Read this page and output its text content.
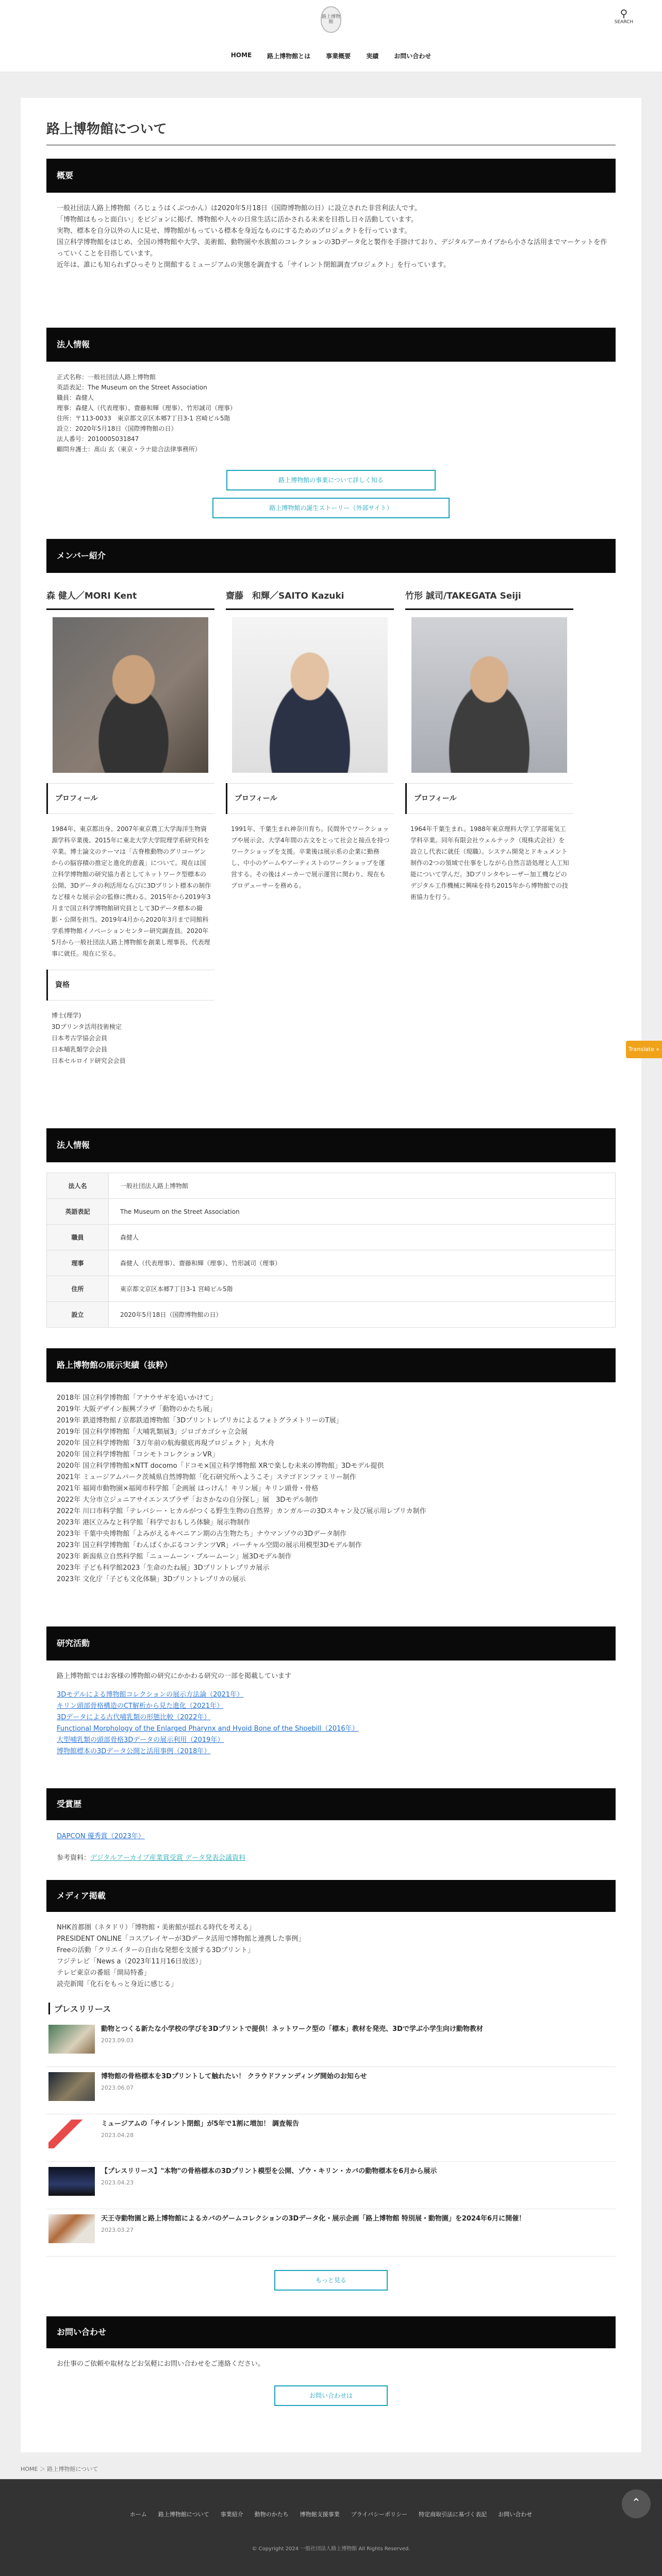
路上博物館
⚲
SEARCH
HOME	路上博物館とは	事業概要	実績	お問い合わせ
Translate »
路上博物館について
概要

一般社団法人路上博物館（ろじょうはくぶつかん）は2020年5月18日（国際博物館の日）に設立された非営利法人です。

「博物館はもっと面白い」をビジョンに掲げ、博物館や人々の日常生活に活かされる未来を目指し日々活動しています。

実物、標本を自分以外の人に見せ、博物館がもっている標本を身近なものにするためのプロジェクトを行っています。

国立科学博物館をはじめ、全国の博物館や大学、美術館、動物園や水族館のコレクションの3Dデータ化と製作を手掛けており、デジタルアーカイブから小さな活用までマーケットを作っていくことを目指しています。

近年は、誰にも知られずひっそりと開館するミュージアムの実態を調査する「サイレント閉館調査プロジェクト」を行っています。

法人情報
正式名称：一般社団法人路上博物館
英語表記：The Museum on the Street Association
職員：森健人
理事：森健人（代表理事）、齋藤和輝（理事）、竹形誠司（理事）
住所：〒113-0033　東京都文京区本郷7丁目3-1 宮崎ビル5階
設立：2020年5月18日（国際博物館の日）
法人番号：2010005031847
顧問弁護士：髙山 玄（東京・ラナ総合法律事務所）
路上博物館の事業について詳しく知る
路上博物館の誕生ストーリー（外部サイト）
メンバー紹介
森 健人／MORI Kent
プロフィール

1984年、東京都出身。2007年東京農工大学海洋生物資源学科卒業後、2015年に東北大学大学院理学系研究科を卒業。博士論文のテーマは「古脊椎動物のグリコーゲンからの脳容積の推定と進化的意義」について。現在は国立科学博物館の研究協力者としてネットワーク型標本の公開、3Dデータの利活用ならびに3Dプリント標本の制作など様々な展示会の監修に携わる。2015年から2019年3月まで国立科学博物館研究員として3Dデータ標本の撮影・公開を担当。2019年4月から2020年3月まで同館科学系博物館イノベーションセンター研究調査員。2020年5月から一般社団法人路上博物館を創業し理事長、代表理事に就任。現在に至る。

資格
博士(理学)
3Dプリンタ活用技術検定
日本考古学協会会員
日本哺乳類学会会員
日本セルロイド研究会会員
齋藤　和輝／SAITO Kazuki
プロフィール

1991年、千葉生まれ神奈川育ち。民間外でワークショップや展示会、大学4年間の古文をとって社会と接点を持つワークショップを支援。卒業後は展示系の企業に勤務し、中小のゲームやアーティストのワークショップを運営する。その後はメーカーで展示運営に関わり、現在もプロデューサーを務める。

竹形 誠司/TAKEGATA Seiji
プロフィール

1964年千葉生まれ。1988年東京理科大学工学部電気工学科卒業。同年有限会社ウェルテック（現株式会社）を設立し代表に就任（現職）。システム開発とドキュメント制作の2つの領域で仕事をしながら自然言語処理と人工知能について学んだ。3Dプリンタやレーザー加工機などのデジタル工作機械に興味を持ち2015年から博物館での技術協力を行う。

法人情報
法人名	一般社団法人路上博物館
英語表記	The Museum on the Street Association
職員	森健人
理事	森健人（代表理事）、齋藤和輝（理事）、竹形誠司（理事）
住所	東京都文京区本郷7丁目3-1 宮崎ビル5階
設立	2020年5月18日（国際博物館の日）
路上博物館の展示実績（抜粋）
2018年 国立科学博物館「アナウサギを追いかけて」
2019年 大阪デザイン振興プラザ「動物のかたち展」
2019年 鉄道博物館 / 京都鉄道博物館「3DプリントレプリカによるフォトグラメトリーのT展」
2019年 国立科学博物館「大哺乳類展3」ジロゴカゴシャ立会展
2020年 国立科学博物館「3万年前の航海徹底再現プロジェクト」丸木舟
2020年 国立科学博物館「コシモトコレクションVR」
2020年 国立科学博物館×NTT docomo「ドコモ×国立科学博物館 XRで楽しむ未来の博物館」3Dモデル提供
2021年 ミュージアムパーク茨城県自然博物館「化石研究所へようこそ」ステゴドンファミリー制作
2021年 福岡市動物園×福岡市科学館「企画展 はっけん！キリン展」キリン頭骨・骨格
2022年 大分市立ジュニアサイエンスプラザ「おさかなの自分探し」展　3Dモデル制作
2022年 川口市科学館「テレパシー・ヒカルがつくる野生生物の自然界」カンガルーの3Dスキャン及び展示用レプリカ制作
2023年 港区立みなと科学館「科学でおもしろ体験」展示物制作
2023年 千葉中央博物館「よみがえるキベニアン期の古生物たち」ナウマンゾウの3Dデータ制作
2023年 国立科学博物館「わんぱくかぶるコンテンツVR」バーチャル空間の展示用模型3Dモデル制作
2023年 新潟県立自然科学館「ニュームーン・ブルームーン」展3Dモデル制作
2023年 子ども科学館2023「生命のたね展」3Dプリントレプリカ展示
2023年 文化庁「子ども文化体験」3Dプリントレプリカの展示
研究活動

路上博物館ではお客様の博物館の研究にかかわる研究の一部を掲載しています

3Dモデルによる博物館コレクションの展示方法論（2021年）
キリン頭部骨格構造のCT解析から見た進化（2021年）
3Dデータによる古代哺乳類の形態比較（2022年）
Functional Morphology of the Enlarged Pharynx and Hyoid Bone of the Shoebill（2016年）
大型哺乳類の頭部骨格3Dデータの展示利用（2019年）
博物館標本の3Dデータ公開と活用事例（2018年）
受賞歴
DAPCON 優秀賞（2023年）
参考資料：デジタルアーカイブ産業賞受賞 データ発表会議資料
メディア掲載
NHK首都圏（ネタドリ）「博物館・美術館が揺れる時代を考える」
PRESIDENT ONLINE「コスプレイヤーが3Dデータ活用で博物館と連携した事例」
Freeの活動「クリエイターの自由な発想を支援する3Dプリント」
フジテレビ「News a（2023年11月16日放送）」
テレビ東京の番組「開局特番」
読売新聞「化石をもっと身近に感じる」
プレスリリース
動物とつくる新たな小学校の学びを3Dプリントで提供！ネットワーク型の「標本」教材を発売、3Dで学ぶ小学生向け動物教材
2023.09.03
博物館の骨格標本を3Dプリントして触れたい！ クラウドファンディング開始のお知らせ
2023.06.07
ミュージアムの「サイレント閉館」が5年で1割に増加！ 調査報告
2023.04.28
【プレスリリース】"本物"の骨格標本の3Dプリント模型を公開、ゾウ・キリン・カバの動物標本を6月から展示
2023.04.23
天王寺動物園と路上博物館によるカバのゲームコレクションの3Dデータ化・展示企画「路上博物館 特別展・動物園」を2024年6月に開催！
2023.03.27
もっと見る
お問い合わせ

お仕事のご依頼や取材などお気軽にお問い合わせをご連絡ください。

お問い合わせは
HOME ＞ 路上博物館について
⌃
ホーム 路上博物館について 事業紹介 動物のかたち 博物館支援事業 プライバシーポリシー 特定商取引法に基づく表記 お問い合わせ
© Copyright 2024 一般社団法人路上博物館 All Rights Reserved.
